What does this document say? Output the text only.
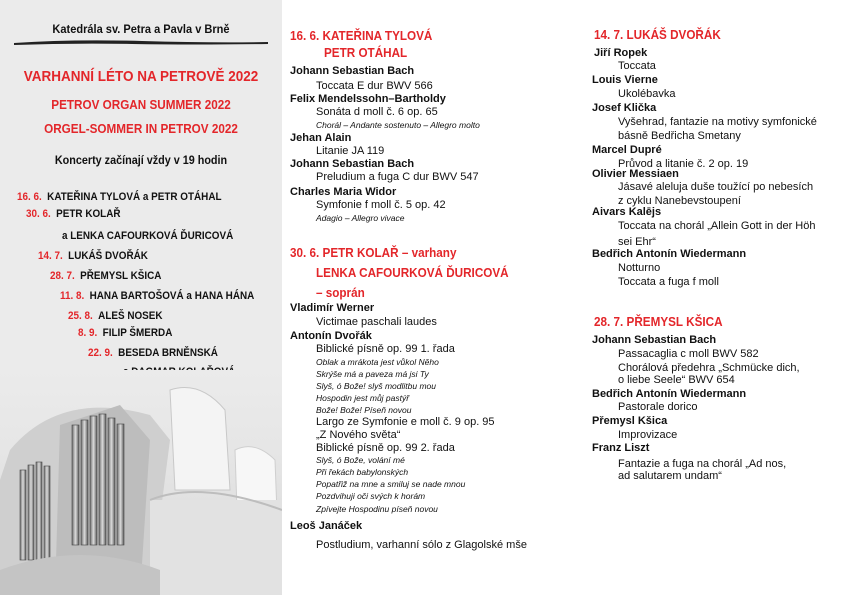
Katedrála sv. Petra a Pavla v Brně
VARHANNÍ LÉTO NA PETROVĚ 2022
PETROV ORGAN SUMMER 2022
ORGEL-SOMMER IN PETROV 2022
Koncerty začínají vždy v 19 hodin
16. 6. KATEŘINA TYLOVÁ a PETR OTÁHAL
30. 6. PETR KOLAŘ
a LENKA CAFOURKOVÁ ĎURICOVÁ
14. 7. LUKÁŠ DVOŘÁK
28. 7. PŘEMYSL KŠICA
11. 8. HANA BARTOŠOVÁ a HANA HÁNA
25. 8. ALEŠ NOSEK
8. 9. FILIP ŠMERDA
22. 9. BESEDA BRNĚNSKÁ
16. 6. KATEŘINA TYLOVÁ
PETR OTÁHAL
Johann Sebastian Bach
Toccata E dur BWV 566
Felix Mendelssohn–Bartholdy
Sonáta d moll č. 6 op. 65
Chorál – Andante sostenuto – Allegro molto
Jehan Alain
Litanie JA 119
Johann Sebastian Bach
Preludium a fuga C dur BWV 547
Charles Maria Widor
Symfonie f moll č. 5 op. 42
Adagio – Allegro vivace
30. 6. PETR KOLAŘ – varhany
LENKA CAFOURKOVÁ ĎURICOVÁ
– soprán
Vladimír Werner
Victimae paschali laudes
Antonín Dvořák
Biblické písně op. 99 1. řada
Oblak a mrákota jest vůkol Něho
Skrýše má a paveza má jsi Ty
Slyš, ó Bože! slyš modlitbu mou
Hospodin jest můj pastýř
Bože! Bože! Píseň novou
Largo ze Symfonie e moll č. 9 op. 95
„Z Nového světa“
Biblické písně op. 99 2. řada
Slyš, ó Bože, volání mé
Při řekách babylonských
Popatřiž na mne a smiluj se nade mnou
Pozdvihuji oči svých k horám
Zpívejte Hospodinu píseň novou
Leoš Janáček
Postludium, varhanní sólo z Glagolské mše
14. 7. LUKÁŠ DVOŘÁK
Jiří Ropek
Toccata
Louis Vierne
Ukolébavka
Josef Klička
Vyšehrad, fantazie na motivy symfonické
básně Bedřicha Smetany
Marcel Dupré
Průvod a litanie č. 2 op. 19
Olivier Messiaen
Jásavé aleluja duše toužící po nebesích
z cyklu Nanebevstoupení
Aivars Kalējs
Toccata na chorál „Allein Gott in der Höh
sei Ehr“
Bedřich Antonín Wiedermann
Notturno
Toccata a fuga f moll
28. 7. PŘEMYSL KŠICA
Johann Sebastian Bach
Passacaglia c moll BWV 582
Chorálová předehra „Schmücke dich,
o liebe Seele“ BWV 654
Bedřich Antonín Wiedermann
Pastorale dorico
Přemysl Kšica
Improvizace
Franz Liszt
Fantazie a fuga na chorál „Ad nos,
ad salutarem undam“
